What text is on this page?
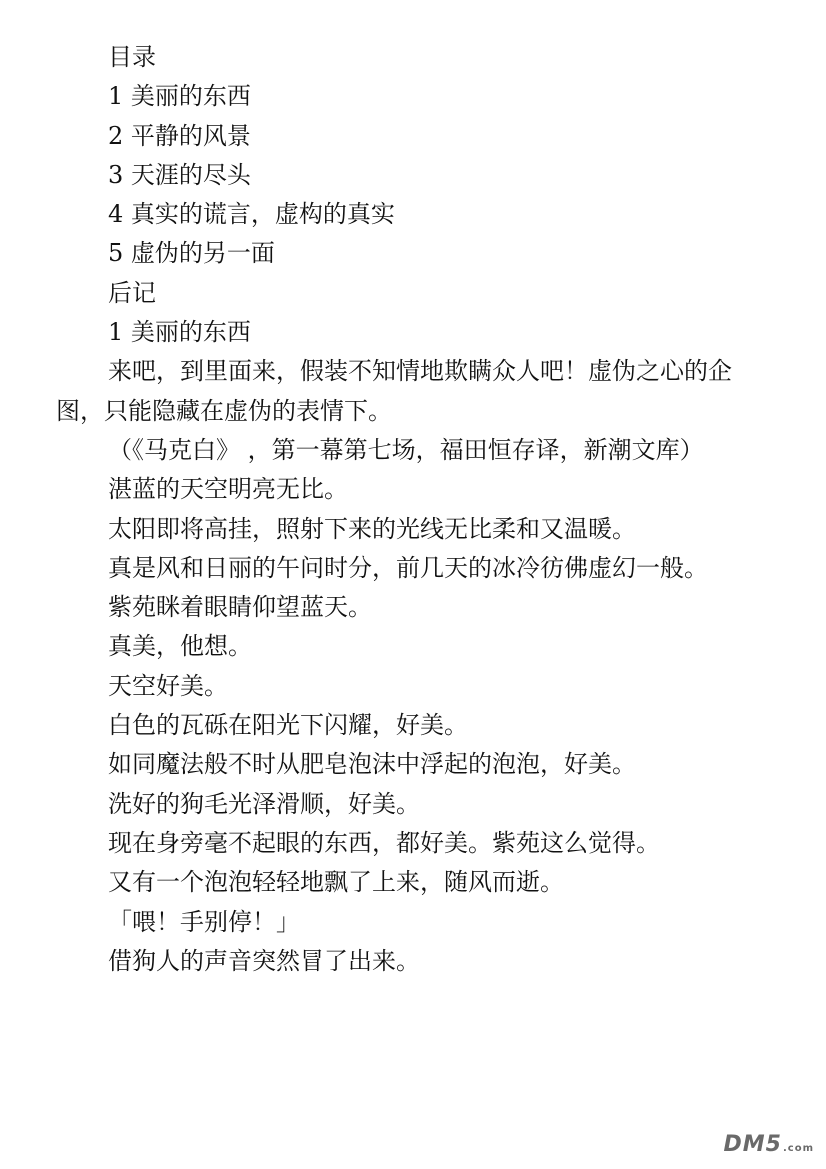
目录

1 美丽的东西

2 平静的风景

3 天涯的尽头

4 真实的谎言，虚构的真实

5 虚伪的另一面

后记

1 美丽的东西

来吧，到里面来，假装不知情地欺瞒众人吧！虚伪之心的企图，只能隐藏在虚伪的表情下。

（《马克白》 ，第一幕第七场，福田恒存译，新潮文库）

湛蓝的天空明亮无比。

太阳即将高挂，照射下来的光线无比柔和又温暖。

真是风和日丽的午问时分，前几天的冰冷彷佛虚幻一般。

紫苑眯着眼睛仰望蓝天。

真美，他想。

天空好美。

白色的瓦砾在阳光下闪耀，好美。

如同魔法般不时从肥皂泡沫中浮起的泡泡，好美。

洗好的狗毛光泽滑顺，好美。

现在身旁毫不起眼的东西，都好美。紫苑这么觉得。

又有一个泡泡轻轻地飘了上来，随风而逝。

「喂！手别停！」

借狗人的声音突然冒了出来。

DM5 .com
